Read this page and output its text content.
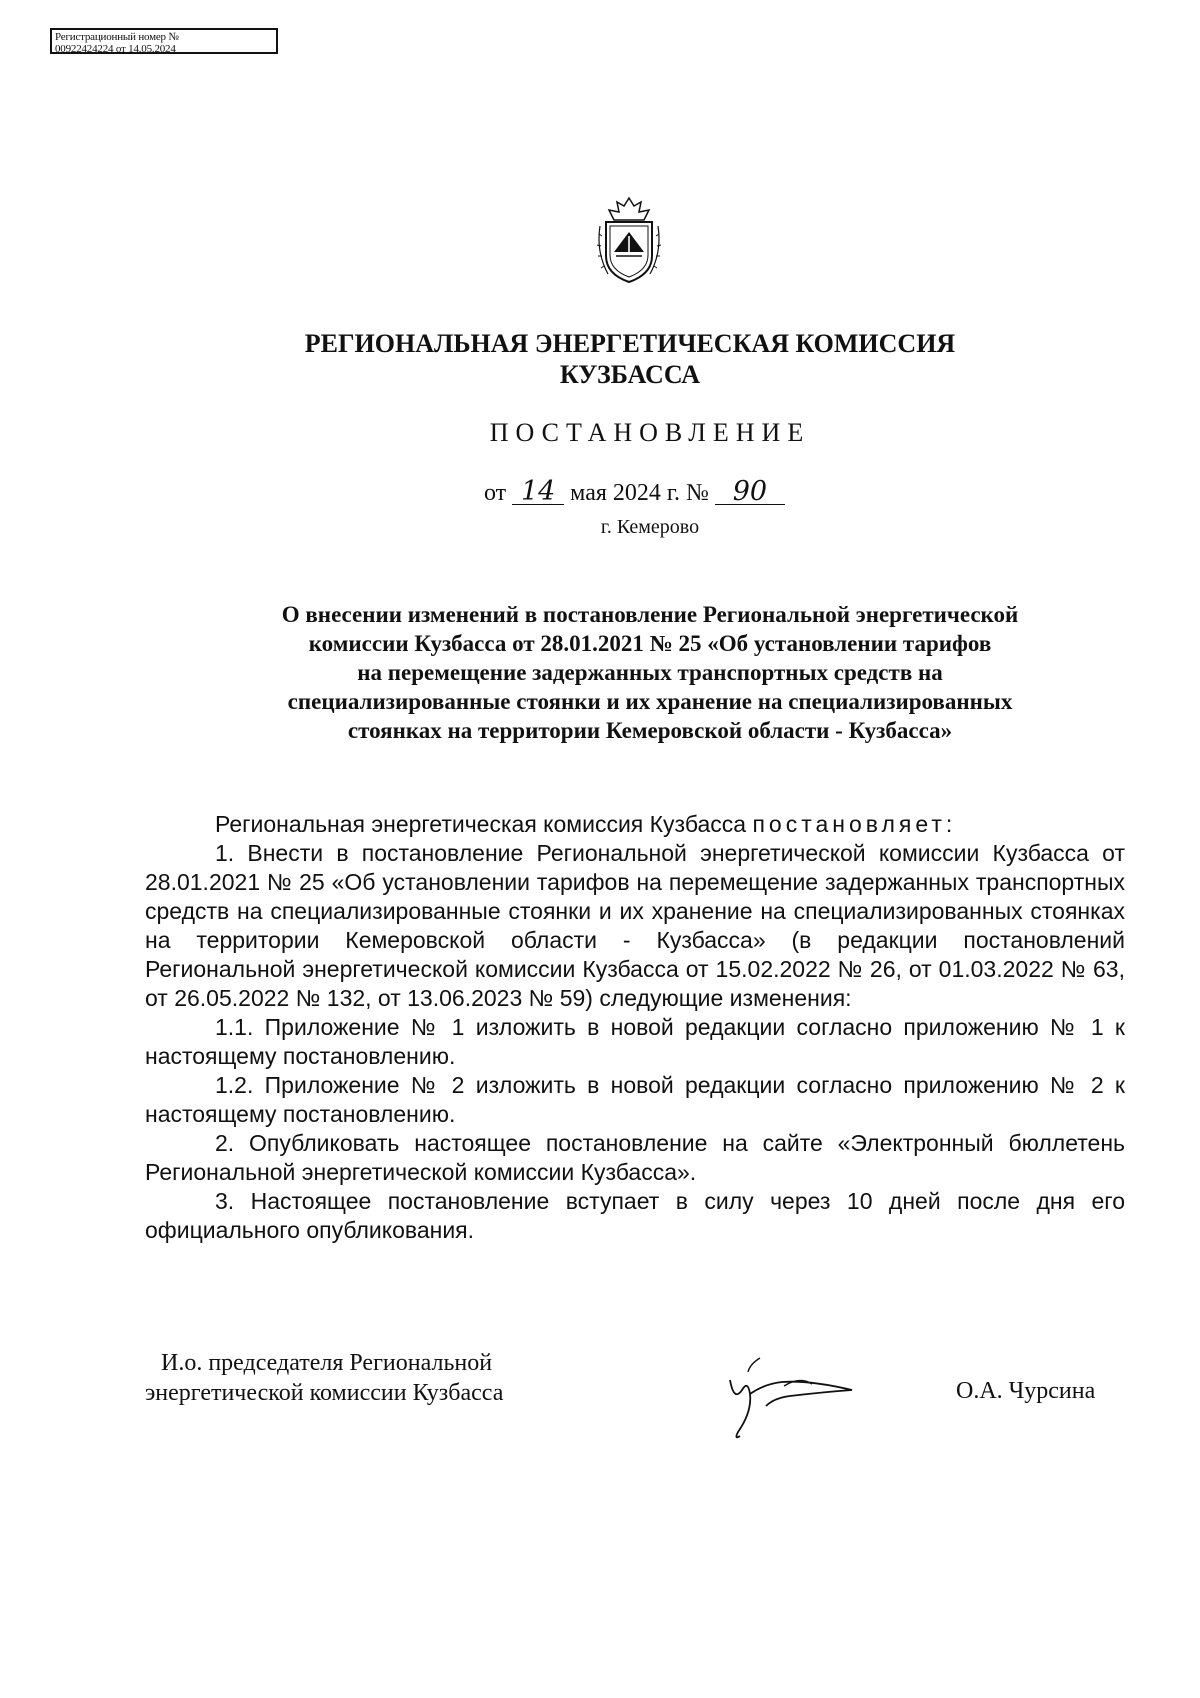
Регистрационный номер №
00922424224 от 14.05.2024
РЕГИОНАЛЬНАЯ ЭНЕРГЕТИЧЕСКАЯ КОМИССИЯ
КУЗБАССА
ПОСТАНОВЛЕНИЕ
от 14 мая 2024 г. № 90
г. Кемерово
О внесении изменений в постановление Региональной энергетической
комиссии Кузбасса от 28.01.2021 № 25 «Об установлении тарифов
на перемещение задержанных транспортных средств на
специализированные стоянки и их хранение на специализированных
стоянках на территории Кемеровской области - Кузбасса»

Региональная энергетическая комиссия Кузбасса постановляет:

1. Внести в постановление Региональной энергетической комиссии Кузбасса от 28.01.2021 № 25 «Об установлении тарифов на перемещение задержанных транспортных средств на специализированные стоянки и их хранение на специализированных стоянках на территории Кемеровской области - Кузбасса» (в редакции постановлений Региональной энергетической комиссии Кузбасса от 15.02.2022 № 26, от 01.03.2022 № 63, от 26.05.2022 № 132, от 13.06.2023 № 59) следующие изменения:

1.1. Приложение № 1 изложить в новой редакции согласно приложению № 1 к настоящему постановлению.

1.2. Приложение № 2 изложить в новой редакции согласно приложению № 2 к настоящему постановлению.

2. Опубликовать настоящее постановление на сайте «Электронный бюллетень Региональной энергетической комиссии Кузбасса».

3. Настоящее постановление вступает в силу через 10 дней после дня его официального опубликования.

И.о. председателя Региональной
энергетической комиссии Кузбасса	О.А. Чурсина
